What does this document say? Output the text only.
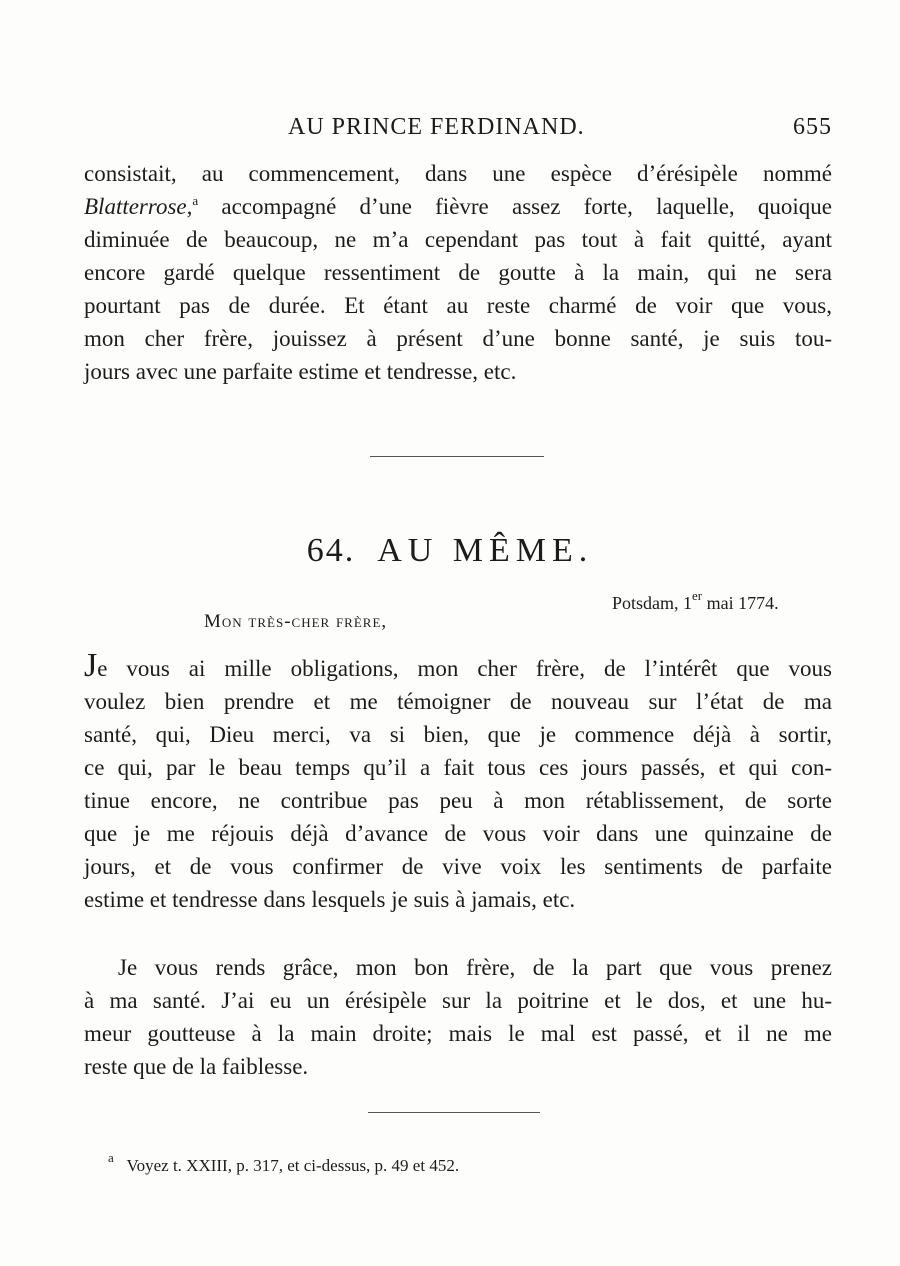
AU PRINCE FERDINAND.	655
consistait, au commencement, dans une espèce d’érésipèle nommé
Blatterrose,$^a$ accompagné d’une fièvre assez forte, laquelle, quoique
diminuée de beaucoup, ne m’a cependant pas tout à fait quitté, ayant
encore gardé quelque ressentiment de goutte à la main, qui ne sera
pourtant pas de durée. Et étant au reste charmé de voir que vous,
mon cher frère, jouissez à présent d’une bonne santé, je suis tou-
jours avec une parfaite estime et tendresse, etc.
64. AU MÊME.
Potsdam, 1er mai 1774.
Mon très-cher frère,
Je vous ai mille obligations, mon cher frère, de l’intérêt que vous
voulez bien prendre et me témoigner de nouveau sur l’état de ma
santé, qui, Dieu merci, va si bien, que je commence déjà à sortir,
ce qui, par le beau temps qu’il a fait tous ces jours passés, et qui con-
tinue encore, ne contribue pas peu à mon rétablissement, de sorte
que je me réjouis déjà d’avance de vous voir dans une quinzaine de
jours, et de vous confirmer de vive voix les sentiments de parfaite
estime et tendresse dans lesquels je suis à jamais, etc.
Je vous rends grâce, mon bon frère, de la part que vous prenez
à ma santé. J’ai eu un érésipèle sur la poitrine et le dos, et une hu-
meur goutteuse à la main droite; mais le mal est passé, et il ne me
reste que de la faiblesse.
$^a$ Voyez t. XXIII, p. 317, et ci-dessus, p. 49 et 452.
